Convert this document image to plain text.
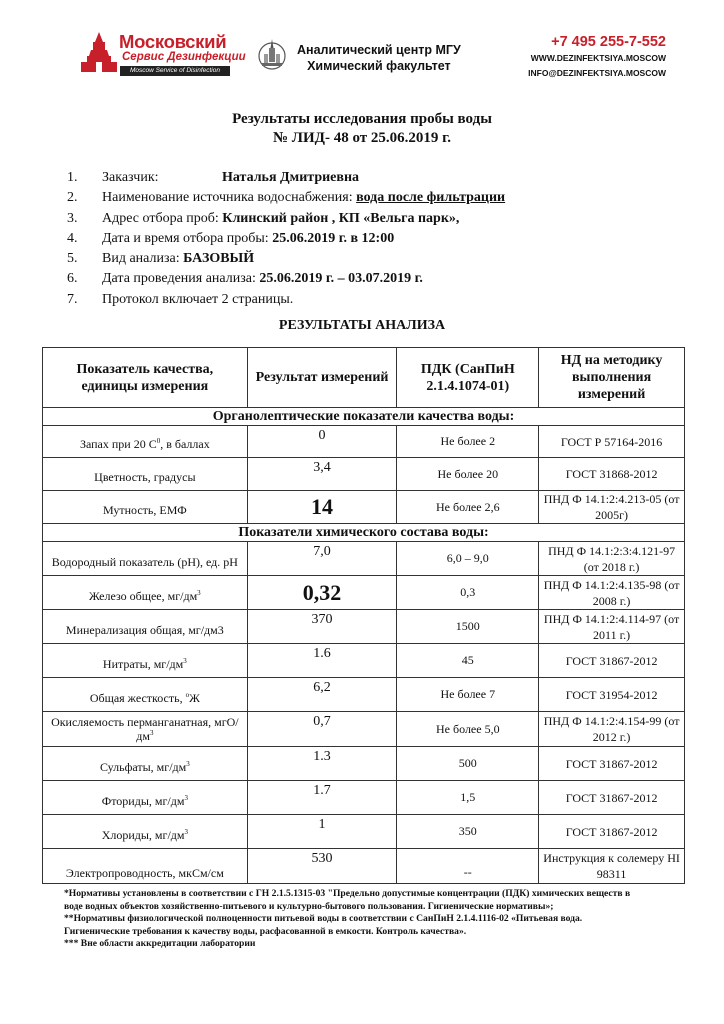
Московский
Сервис Дезинфекции
Moscow Service of Disinfection
Аналитический центр МГУ
Химический факультет
+7 495 255-7-552
WWW.DEZINFEKTSIYA.MOSCOW
INFO@DEZINFEKTSIYA.MOSCOW
Результаты исследования пробы воды
№ ЛИД- 48 от 25.06.2019 г.
1. Заказчик:	Наталья Дмитриевна
2. Наименование источника водоснабжения: вода после фильтрации
3. Адрес отбора проб: Клинский район , КП «Вельга парк»,
4. Дата и время отбора пробы: 25.06.2019 г. в 12:00
5. Вид анализа: БАЗОВЫЙ
6. Дата проведения анализа: 25.06.2019 г. – 03.07.2019 г.
7. Протокол включает 2 страницы.
РЕЗУЛЬТАТЫ АНАЛИЗА
Показатель качества, единицы измерения	Результат измерений	ПДК (СанПиН 2.1.4.1074-01)	НД на методику выполнения измерений
Органолептические показатели качества воды:			
Запах при 20 $С^0$, в баллах	0	Не более 2	ГОСТ Р 57164-2016
Цветность, градусы	3,4	Не более 20	ГОСТ 31868-2012
Мутность, ЕМФ	14	Не более 2,6	ПНД Ф 14.1:2:4.213-05 (от 2005г)
Показатели химического состава воды:			
Водородный показатель (рН), ед. рН	7,0	6,0 – 9,0	ПНД Ф 14.1:2:3:4.121-97 (от 2018 г.)
Железо общее, $мг/дм^3$	0,32	0,3	ПНД Ф 14.1:2:4.135-98 (от 2008 г.)
Минерализация общая, мг/дм3	370	1500	ПНД Ф 14.1:2:4.114-97 (от 2011 г.)
Нитраты, $мг/дм^3$	1.6	45	ГОСТ 31867-2012
Общая жесткость, $^о$Ж	6,2	Не более 7	ГОСТ 31954-2012
Окисляемость перманганатная, мгО/$дм^3$	0,7	Не более 5,0	ПНД Ф 14.1:2:4.154-99 (от 2012 г.)
Сульфаты, $мг/дм^3$	1.3	500	ГОСТ 31867-2012
Фториды, $мг/дм^3$	1.7	1,5	ГОСТ 31867-2012
Хлориды, $мг/дм^3$	1	350	ГОСТ 31867-2012
Электропроводность, мкСм/см	530	--	Инструкция к солемеру HI 98311
*Нормативы установлены в соответствии с ГН 2.1.5.1315-03 "Предельно допустимые концентрации (ПДК) химических веществ в
воде водных объектов хозяйственно-питьевого и культурно-бытового пользования. Гигиенические нормативы»;
**Нормативы физиологической полноценности питьевой воды в соответствии с СанПиН 2.1.4.1116-02 «Питьевая вода.
Гигиенические требования к качеству воды, расфасованной в емкости. Контроль качества».
*** Вне области аккредитации лаборатории
